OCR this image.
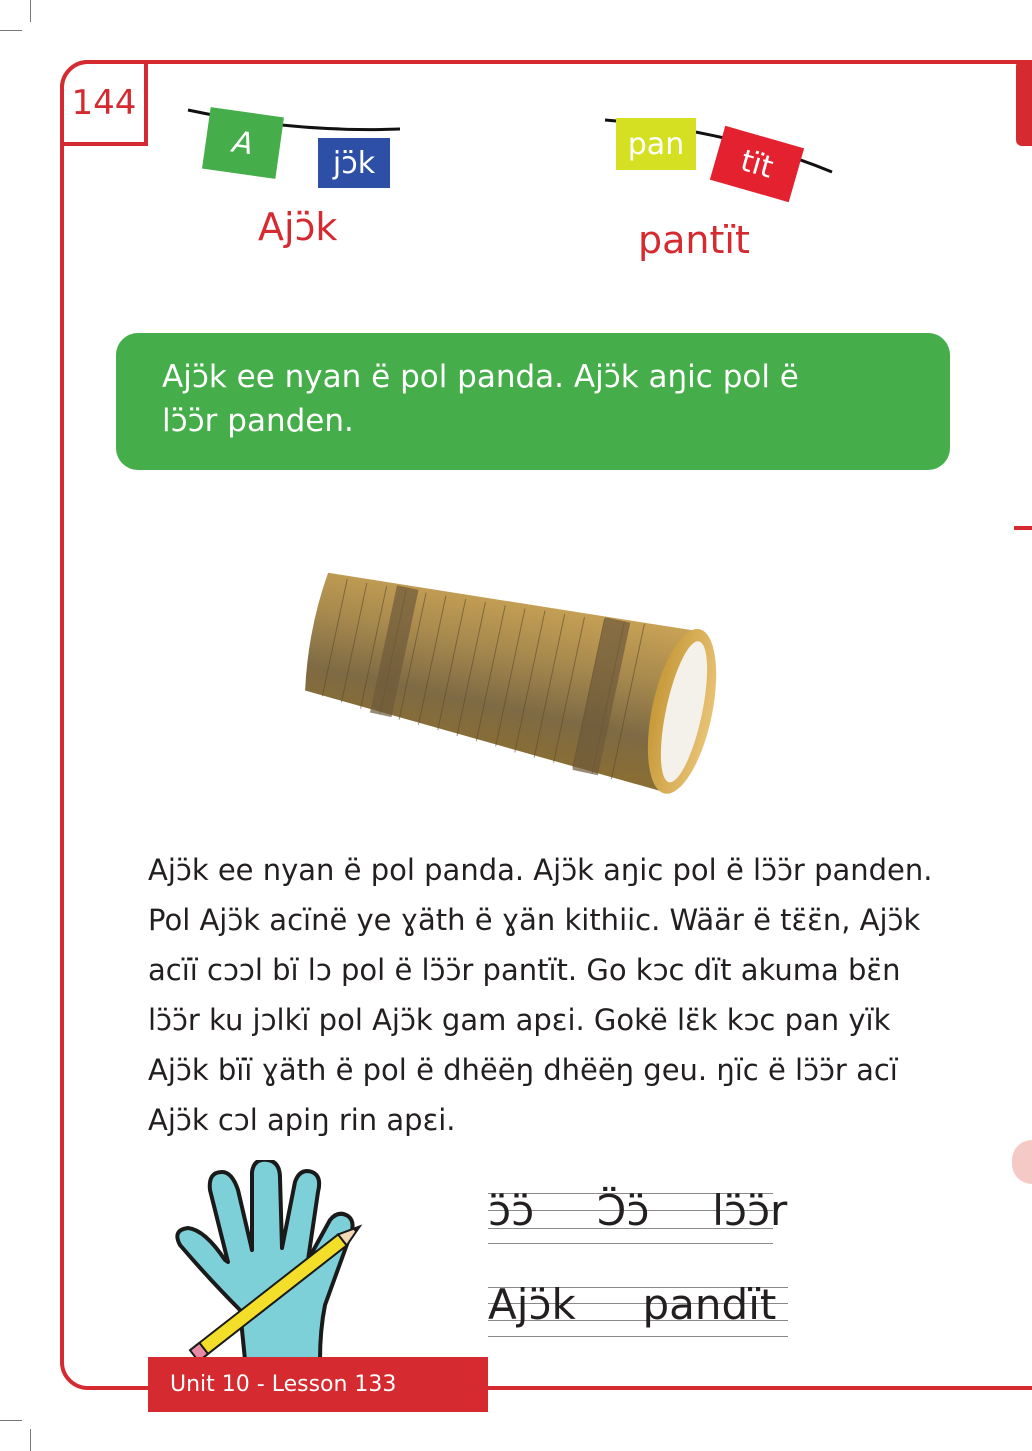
144
A
jɔ̈k
Ajɔ̈k
pan tït
pantït
Ajɔ̈k ee nyan ë pol panda. Ajɔ̈k aŋic pol ë
lɔ̈ɔ̈r panden.
Ajɔ̈k ee nyan ë pol panda. Ajɔ̈k aŋic pol ë lɔ̈ɔ̈r panden.
Pol Ajɔ̈k acïnë ye ɣäth ë ɣän kithiic. Wäär ë tɛ̈ɛ̈n, Ajɔ̈k
acïï cɔɔl bï lɔ pol ë lɔ̈ɔ̈r pantït. Go kɔc dït akuma bɛ̈n
lɔ̈ɔ̈r ku jɔlkï pol Ajɔ̈k gam apɛi. Gokë lɛ̈k kɔc pan yïk
Ajɔ̈k bïï ɣäth ë pol ë dhëëŋ dhëëŋ geu. ŋïc ë lɔ̈ɔ̈r acï
Ajɔ̈k cɔl apiŋ rin apɛi.
ɔ̈ɔ̈ Ɔ̈ɔ̈ lɔ̈ɔ̈r
Ajɔ̈k pandït
Unit 10 - Lesson 133
